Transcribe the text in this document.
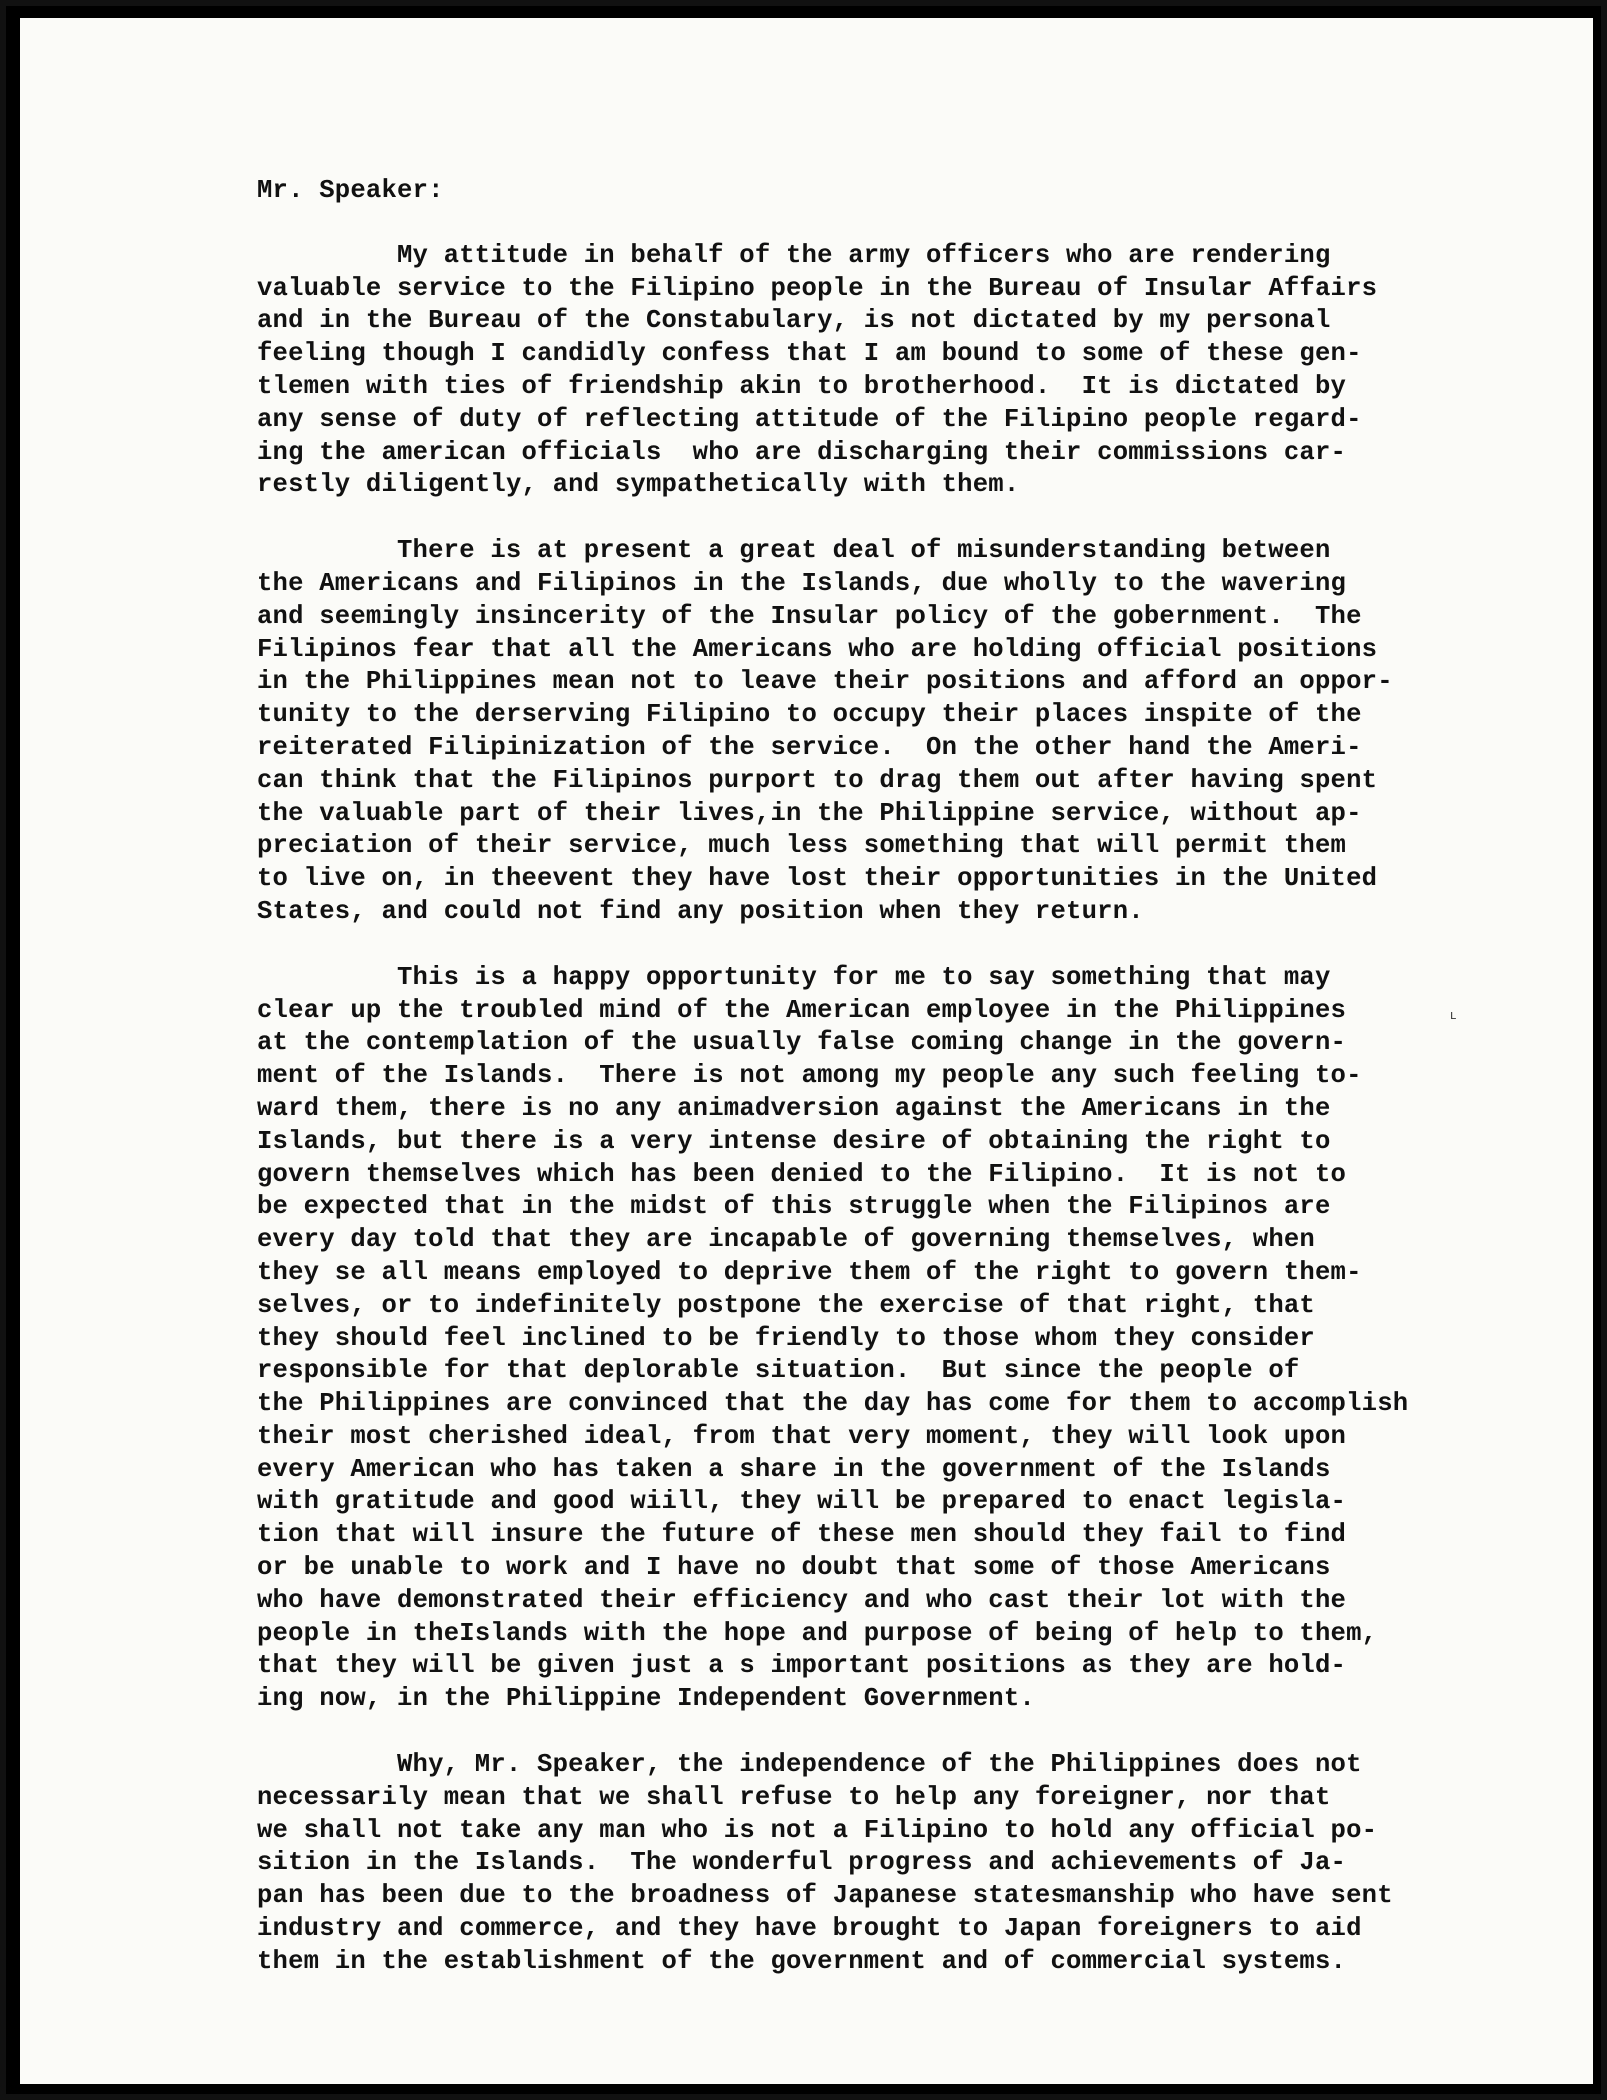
Mr. Speaker:
My attitude in behalf of the army officers who are rendering
valuable service to the Filipino people in the Bureau of Insular Affairs
and in the Bureau of the Constabulary, is not dictated by my personal
feeling though I candidly confess that I am bound to some of these gen-
tlemen with ties of friendship akin to brotherhood.  It is dictated by
any sense of duty of reflecting attitude of the Filipino people regard-
ing the american officials  who are discharging their commissions car-
restly diligently, and sympathetically with them.
There is at present a great deal of misunderstanding between
the Americans and Filipinos in the Islands, due wholly to the wavering
and seemingly insincerity of the Insular policy of the gobernment.  The
Filipinos fear that all the Americans who are holding official positions
in the Philippines mean not to leave their positions and afford an oppor-
tunity to the derserving Filipino to occupy their places inspite of the
reiterated Filipinization of the service.  On the other hand the Ameri-
can think that the Filipinos purport to drag them out after having spent
the valuable part of their lives,in the Philippine service, without ap-
preciation of their service, much less something that will permit them
to live on, in theevent they have lost their opportunities in the United
States, and could not find any position when they return.
This is a happy opportunity for me to say something that may
clear up the troubled mind of the American employee in the Philippines
at the contemplation of the usually false coming change in the govern-
ment of the Islands.  There is not among my people any such feeling to-
ward them, there is no any animadversion against the Americans in the
Islands, but there is a very intense desire of obtaining the right to
govern themselves which has been denied to the Filipino.  It is not to
be expected that in the midst of this struggle when the Filipinos are
every day told that they are incapable of governing themselves, when
they se all means employed to deprive them of the right to govern them-
selves, or to indefinitely postpone the exercise of that right, that
they should feel inclined to be friendly to those whom they consider
responsible for that deplorable situation.  But since the people of
the Philippines are convinced that the day has come for them to accomplish
their most cherished ideal, from that very moment, they will look upon
every American who has taken a share in the government of the Islands
with gratitude and good wiill, they will be prepared to enact legisla-
tion that will insure the future of these men should they fail to find
or be unable to work and I have no doubt that some of those Americans
who have demonstrated their efficiency and who cast their lot with the
people in theIslands with the hope and purpose of being of help to them,
that they will be given just a s important positions as they are hold-
ing now, in the Philippine Independent Government.
Why, Mr. Speaker, the independence of the Philippines does not
necessarily mean that we shall refuse to help any foreigner, nor that
we shall not take any man who is not a Filipino to hold any official po-
sition in the Islands.  The wonderful progress and achievements of Ja-
pan has been due to the broadness of Japanese statesmanship who have sent
industry and commerce, and they have brought to Japan foreigners to aid
them in the establishment of the government and of commercial systems.
ʟ
